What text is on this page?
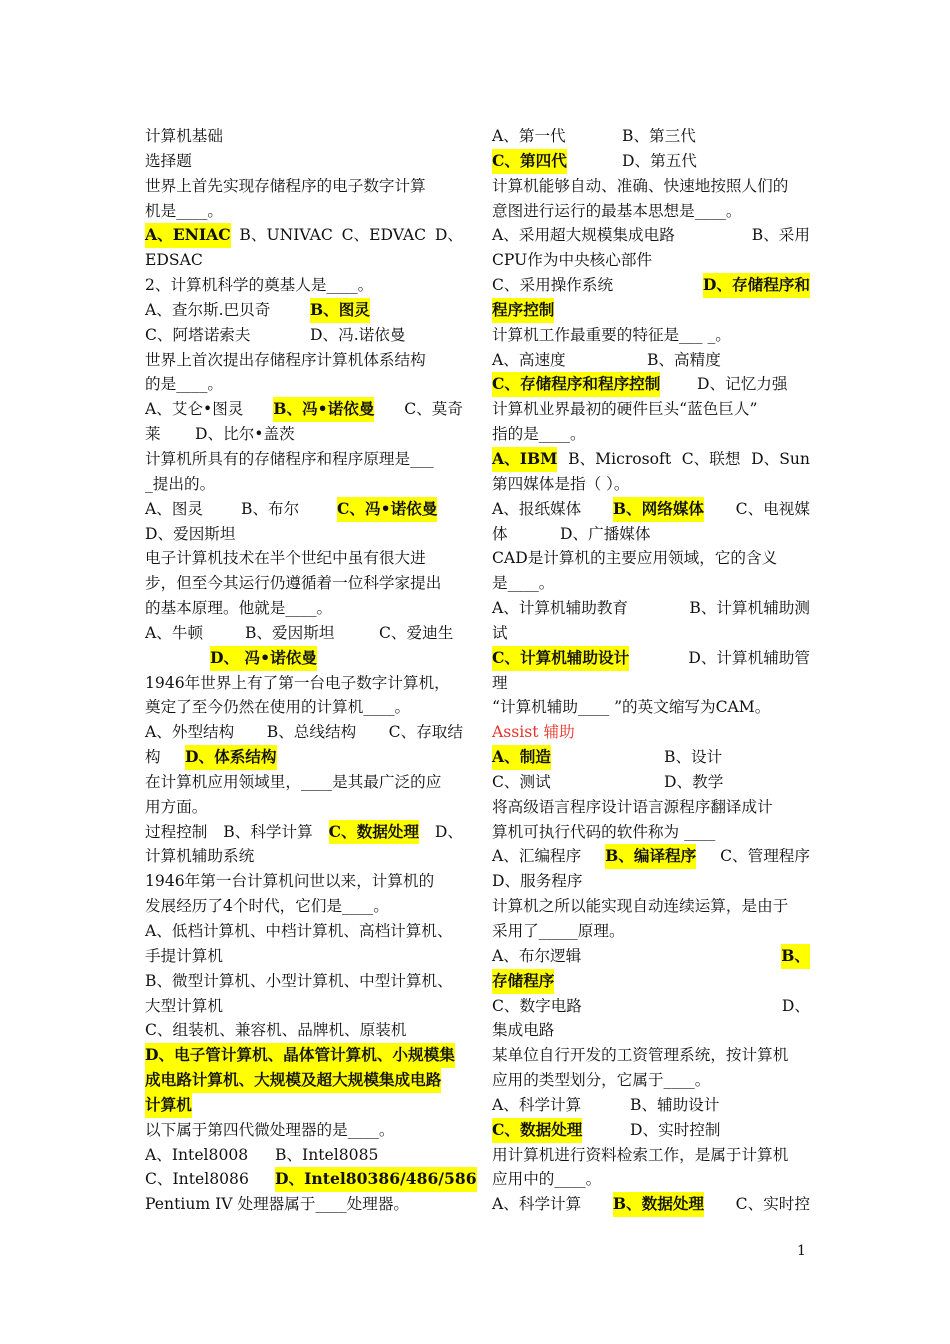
计算机基础
选择题
世界上首先实现存储程序的电子数字计算
机是____。
A、ENIAC B、UNIVAC C、EDVAC D、
EDSAC
2、计算机科学的奠基人是____。
A、查尔斯.巴贝奇	B、图灵
C、阿塔诺索夫	D、冯.诺依曼
世界上首次提出存储程序计算机体系结构
的是____。
A、艾仑•图灵 B、冯•诺依曼 C、莫奇
莱 D、比尔•盖茨
计算机所具有的存储程序和程序原理是___
_提出的。
A、图灵 B、布尔 C、冯•诺依曼
D、爱因斯坦
电子计算机技术在半个世纪中虽有很大进
步，但至今其运行仍遵循着一位科学家提出
的基本原理。他就是____。
A、牛顿	B、爱因斯坦	C、爱迪生
D、 冯•诺依曼
1946年世界上有了第一台电子数字计算机，
奠定了至今仍然在使用的计算机____。
A、外型结构 B、总线结构 C、存取结
构 D、体系结构
在计算机应用领域里，____是其最广泛的应
用方面。
过程控制 B、科学计算 C、数据处理 D、
计算机辅助系统
1946年第一台计算机问世以来，计算机的
发展经历了4个时代，它们是____。
A、低档计算机、中档计算机、高档计算机、
手提计算机
B、微型计算机、小型计算机、中型计算机、
大型计算机
C、组装机、兼容机、品牌机、原装机
D、电子管计算机、晶体管计算机、小规模集
成电路计算机、大规模及超大规模集成电路
计算机
以下属于第四代微处理器的是____。
A、Intel8008 B、Intel8085
C、Intel8086 D、Intel80386/486/586
Pentium IV 处理器属于____处理器。
A、第一代	B、第三代
C、第四代	D、第五代
计算机能够自动、准确、快速地按照人们的
意图进行运行的最基本思想是____。
A、采用超大规模集成电路	B、采用
CPU作为中央核心部件
C、采用操作系统	D、存储程序和
程序控制
计算机工作最重要的特征是___ _。
A、高速度	B、高精度
C、存储程序和程序控制 D、记忆力强
计算机业界最初的硬件巨头“蓝色巨人”
指的是____。
A、IBM B、Microsoft C、联想 D、Sun
第四媒体是指（ ）。
A、报纸媒体 B、网络媒体 C、电视媒
体	D、广播媒体
CAD是计算机的主要应用领域，它的含义
是____。
A、计算机辅助教育	B、计算机辅助测
试
C、计算机辅助设计	D、计算机辅助管
理
“计算机辅助____ ”的英文缩写为CAM。
Assist 辅助
A、制造	B、设计
C、测试	D、教学
将高级语言程序设计语言源程序翻译成计
算机可执行代码的软件称为 ____
A、汇编程序 B、编译程序 C、管理程序
D、服务程序
计算机之所以能实现自动连续运算，是由于
采用了_____原理。
A、布尔逻辑	B、
存储程序
C、数字电路	D、
集成电路
某单位自行开发的工资管理系统，按计算机
应用的类型划分，它属于____。
A、科学计算	B、辅助设计
C、数据处理	D、实时控制
用计算机进行资料检索工作，是属于计算机
应用中的____。
A、科学计算 B、数据处理 C、实时控
1
